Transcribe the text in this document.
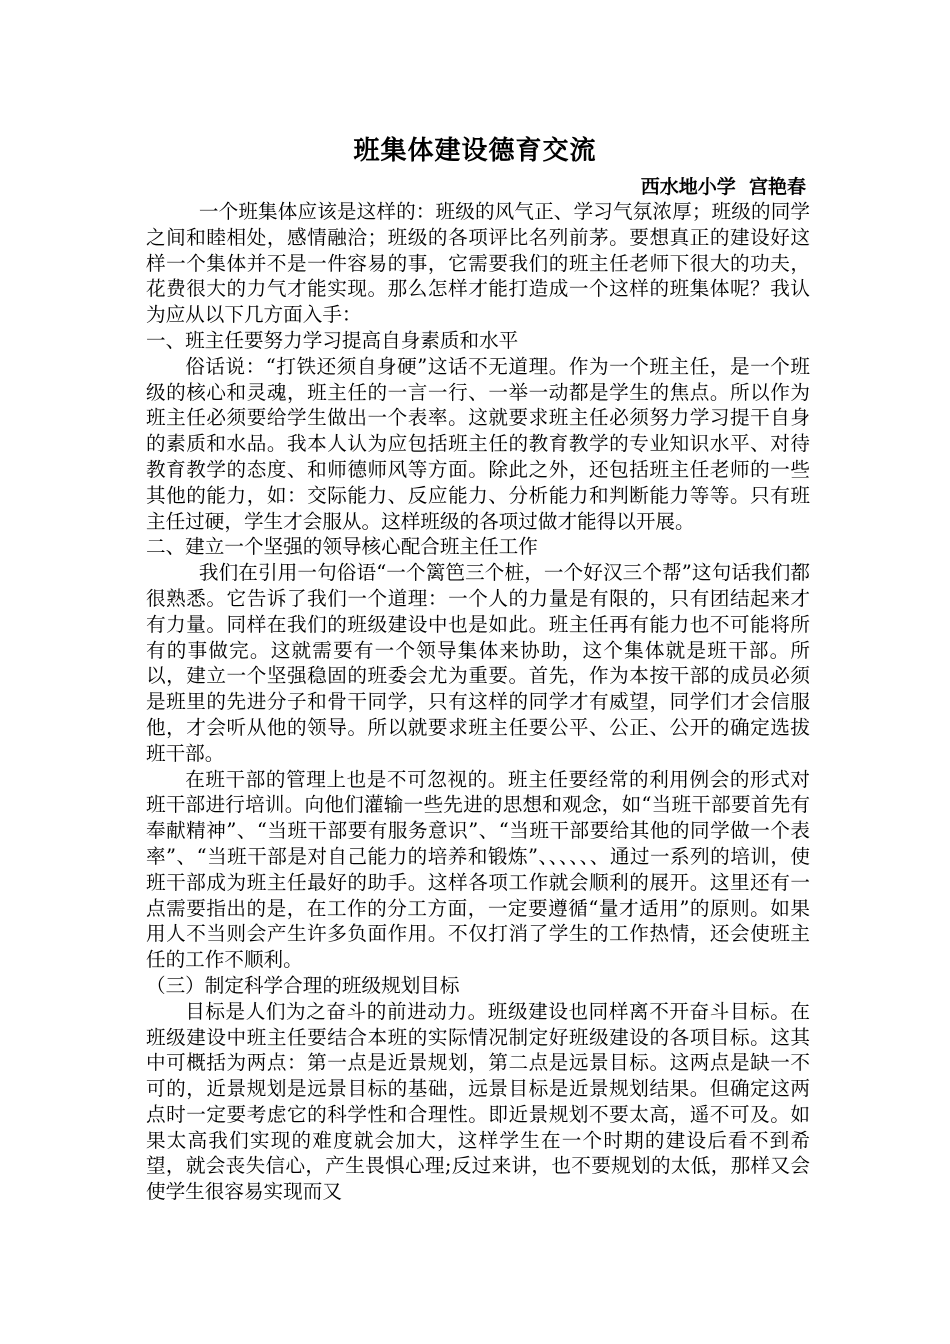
班集体建设德育交流
西水地小学  宫艳春

一个班集体应该是这样的：班级的风气正、学习气氛浓厚；班级的同学之间和睦相处，感情融洽；班级的各项评比名列前茅。要想真正的建设好这样一个集体并不是一件容易的事，它需要我们的班主任老师下很大的功夫，花费很大的力气才能实现。那么怎样才能打造成一个这样的班集体呢？我认为应从以下几方面入手：

一、班主任要努力学习提高自身素质和水平

俗话说：“打铁还须自身硬”这话不无道理。作为一个班主任，是一个班级的核心和灵魂，班主任的一言一行、一举一动都是学生的焦点。所以作为班主任必须要给学生做出一个表率。这就要求班主任必须努力学习提干自身的素质和水品。我本人认为应包括班主任的教育教学的专业知识水平、对待教育教学的态度、和师德师风等方面。除此之外，还包括班主任老师的一些其他的能力，如：交际能力、反应能力、分析能力和判断能力等等。只有班主任过硬，学生才会服从。这样班级的各项过做才能得以开展。

二、建立一个坚强的领导核心配合班主任工作

我们在引用一句俗语“一个篱笆三个桩，一个好汉三个帮”这句话我们都很熟悉。它告诉了我们一个道理：一个人的力量是有限的，只有团结起来才有力量。同样在我们的班级建设中也是如此。班主任再有能力也不可能将所有的事做完。这就需要有一个领导集体来协助，这个集体就是班干部。所以，建立一个坚强稳固的班委会尤为重要。首先，作为本按干部的成员必须是班里的先进分子和骨干同学，只有这样的同学才有威望，同学们才会信服他，才会听从他的领导。所以就要求班主任要公平、公正、公开的确定选拔班干部。

在班干部的管理上也是不可忽视的。班主任要经常的利用例会的形式对班干部进行培训。向他们灌输一些先进的思想和观念，如“当班干部要首先有奉献精神”、“当班干部要有服务意识”、“当班干部要给其他的同学做一个表率”、“当班干部是对自己能力的培养和锻炼”、、、、、、通过一系列的培训，使班干部成为班主任最好的助手。这样各项工作就会顺利的展开。这里还有一点需要指出的是，在工作的分工方面，一定要遵循“量才适用”的原则。如果用人不当则会产生许多负面作用。不仅打消了学生的工作热情，还会使班主任的工作不顺利。

（三）制定科学合理的班级规划目标

目标是人们为之奋斗的前进动力。班级建设也同样离不开奋斗目标。在班级建设中班主任要结合本班的实际情况制定好班级建设的各项目标。这其中可概括为两点：第一点是近景规划，第二点是远景目标。这两点是缺一不可的，近景规划是远景目标的基础，远景目标是近景规划结果。但确定这两点时一定要考虑它的科学性和合理性。即近景规划不要太高，遥不可及。如果太高我们实现的难度就会加大，这样学生在一个时期的建设后看不到希望，就会丧失信心，产生畏惧心理;反过来讲，也不要规划的太低，那样又会使学生很容易实现而又
